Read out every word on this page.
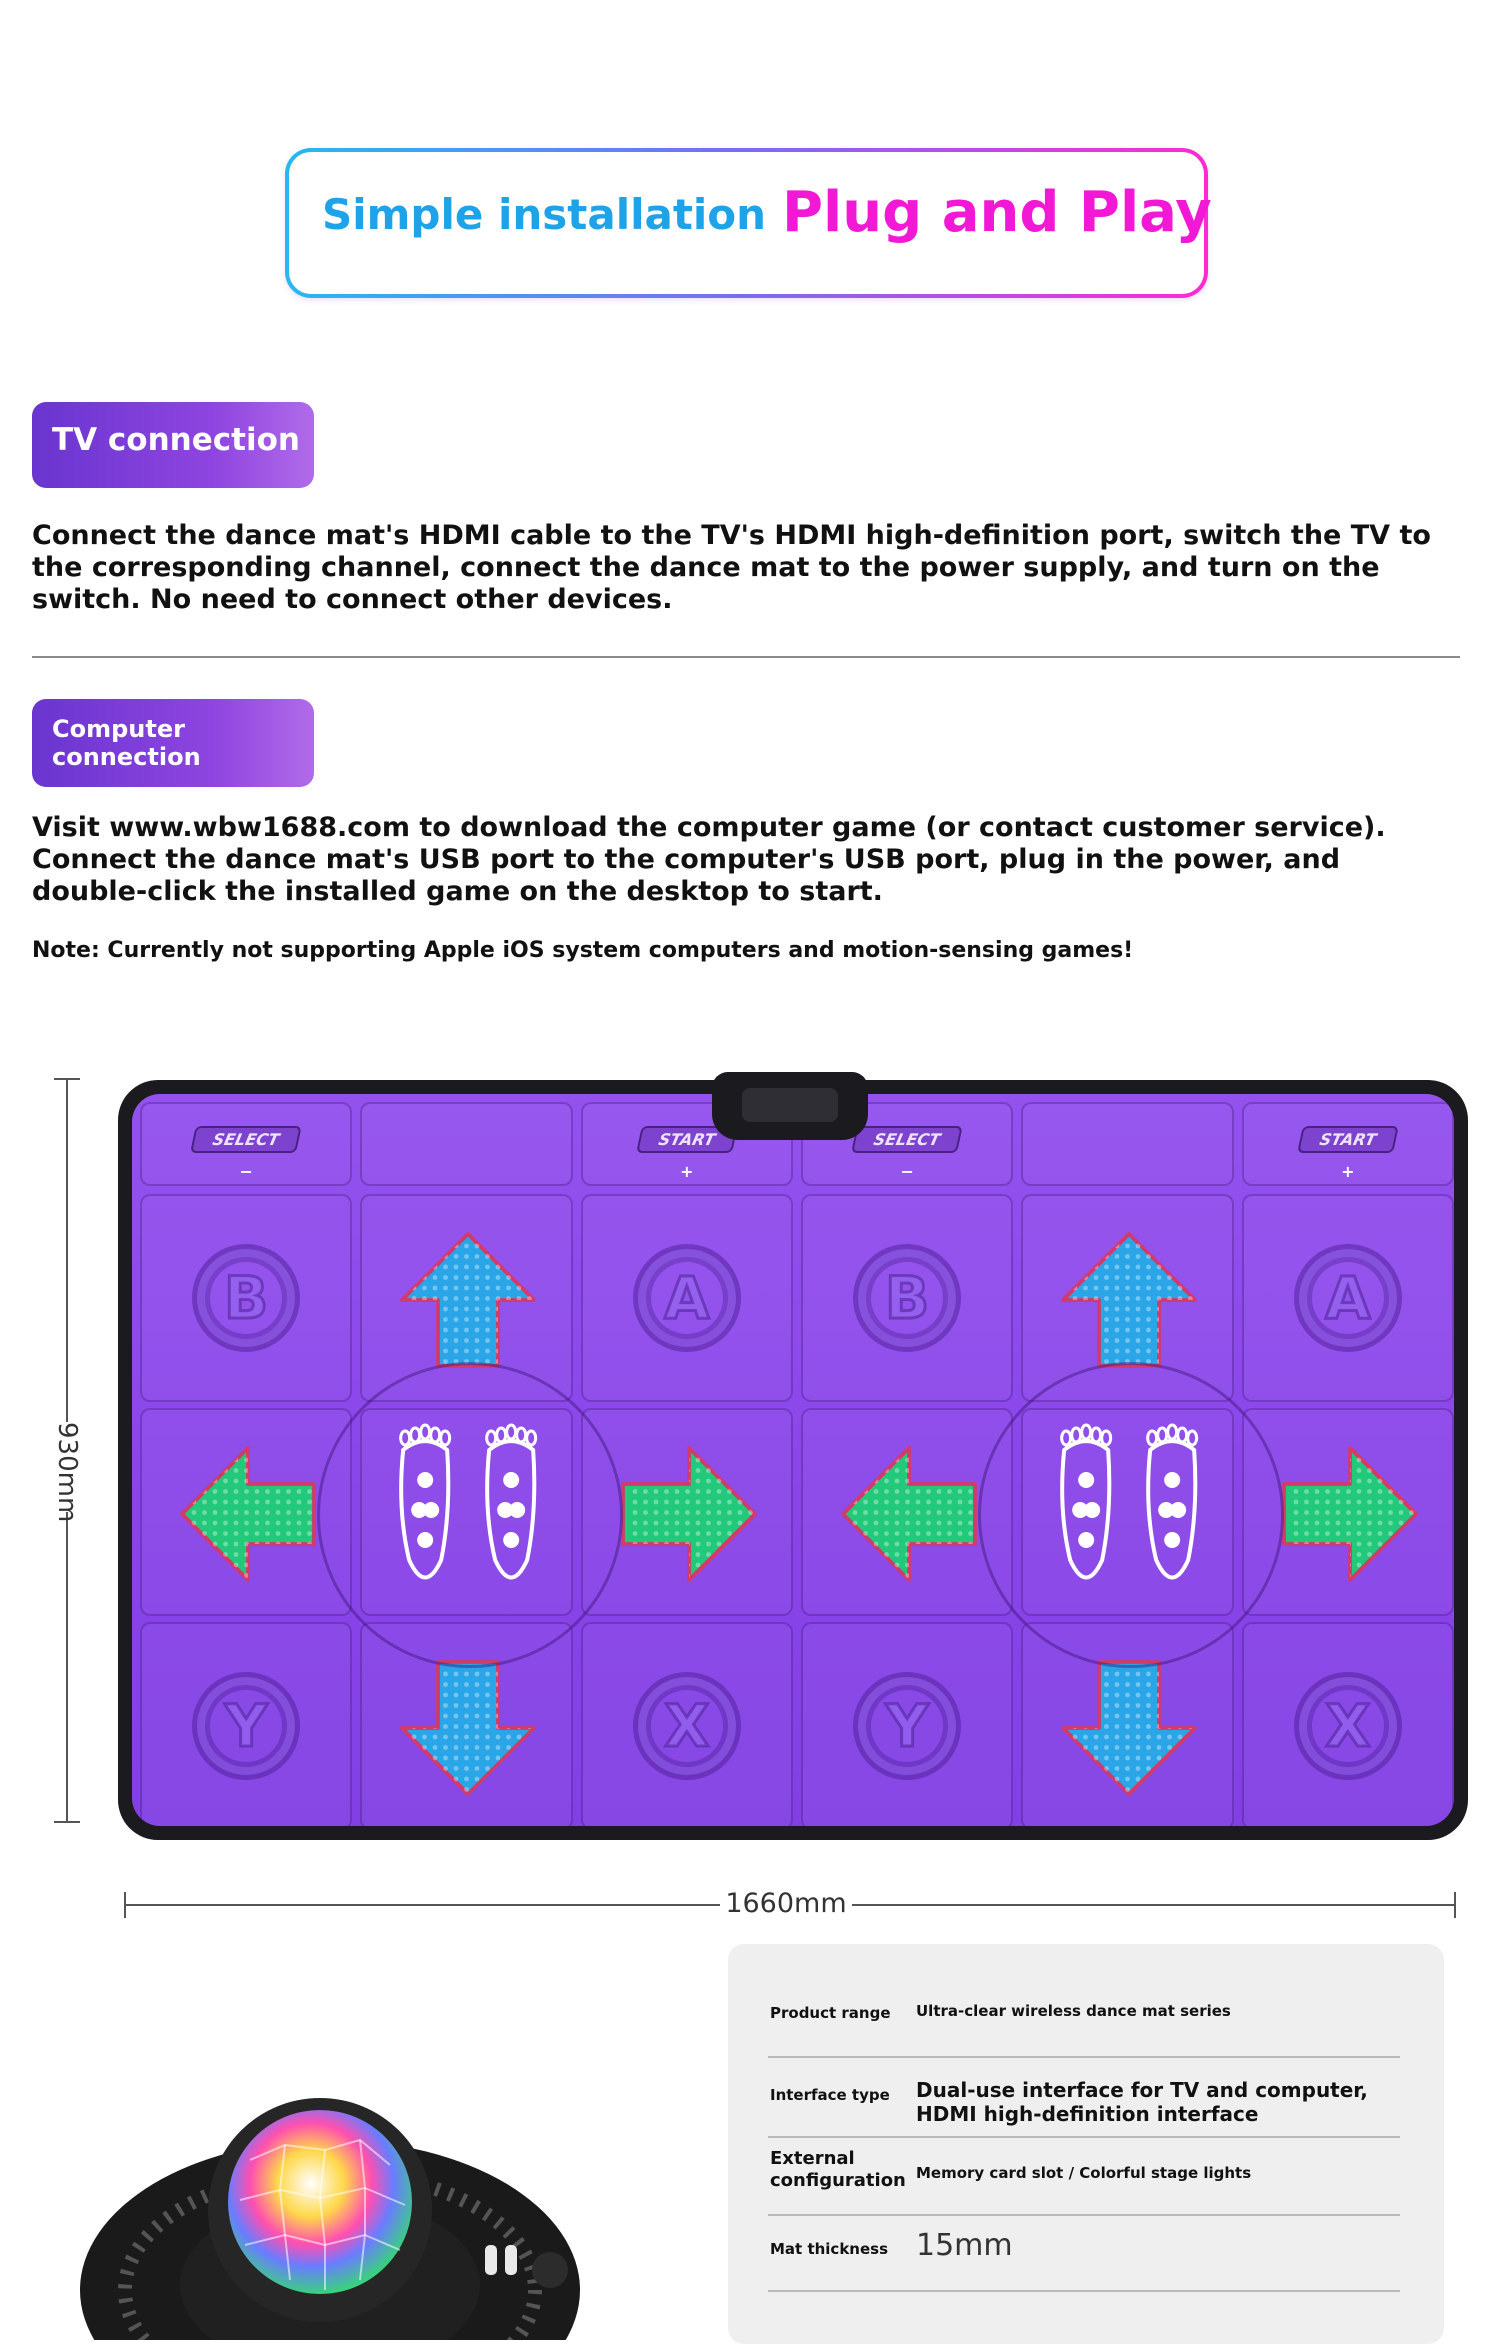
Simple installation Plug and Play
TV connection
Connect the dance mat's HDMI cable to the TV's HDMI high-definition port, switch the TV to the corresponding channel, connect the dance mat to the power supply, and turn on the switch. No need to connect other devices.
Computer
connection
Visit www.wbw1688.com to download the computer game (or contact customer service). Connect the dance mat's USB port to the computer's USB port, plug in the power, and double-click the installed game on the desktop to start.
Note: Currently not supporting Apple iOS system computers and motion-sensing games!
930mm
SELECT
−
START
+
SELECT
−
START
+
B	A	B	A
Y	X	Y	X
1660mm
Product range Ultra-clear wireless dance mat series
Interface type Dual-use interface for TV and computer, HDMI high-definition interface
External configuration Memory card slot / Colorful stage lights
Mat thickness 15mm
